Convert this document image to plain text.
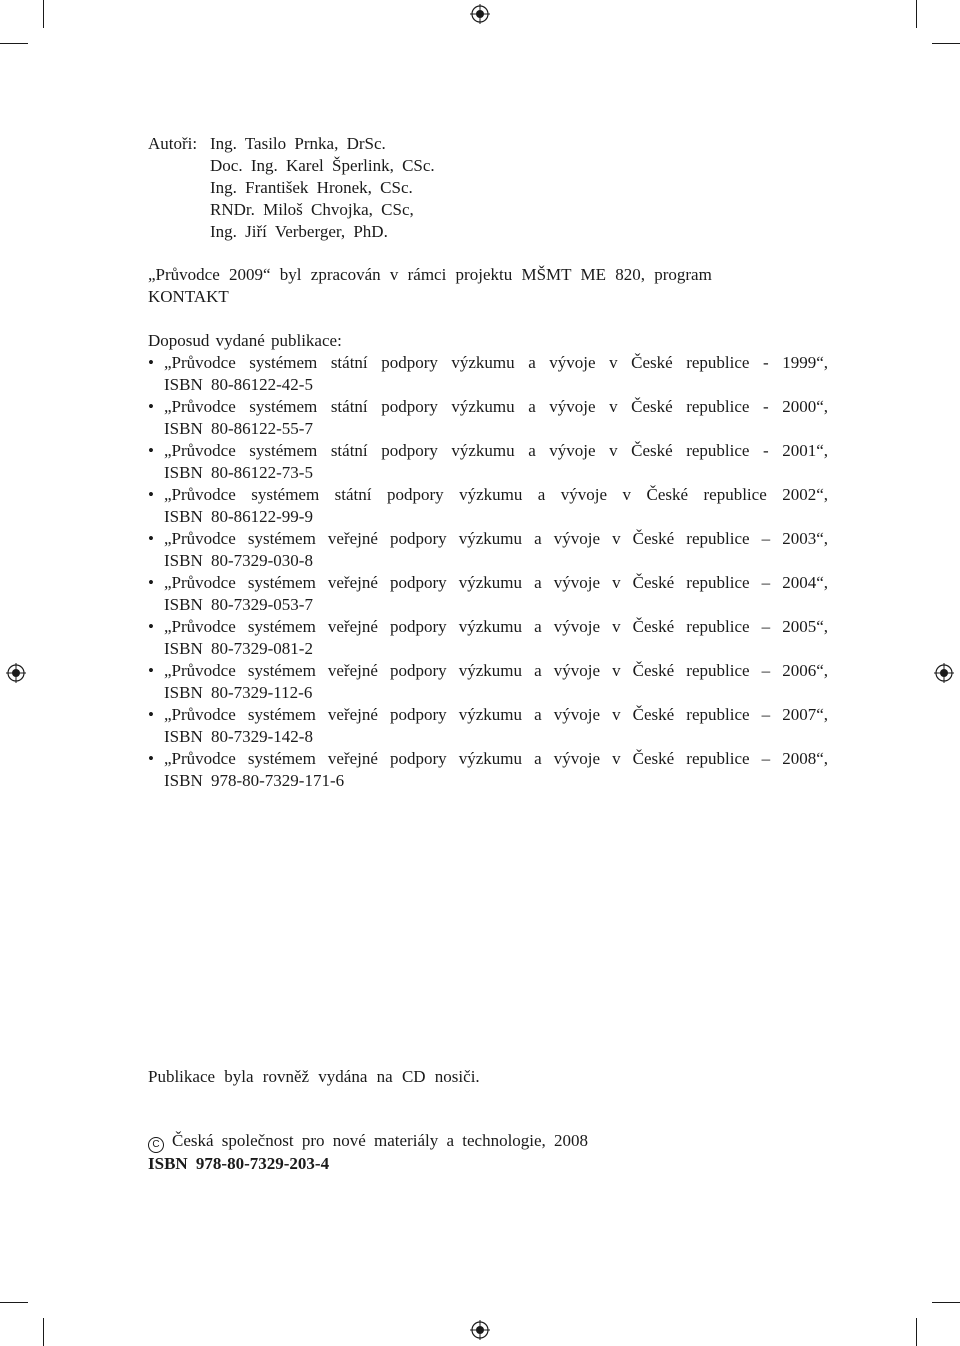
Autoři: Ing. Tasilo Prnka, DrSc.
Doc. Ing. Karel Šperlink, CSc.
Ing. František Hronek, CSc.
RNDr. Miloš Chvojka, CSc,
Ing. Jiří Verberger, PhD.
„Průvodce 2009“ byl zpracován v rámci projektu MŠMT ME 820, program
KONTAKT
Doposud vydané publikace:
• „Průvodce systémem státní podpory výzkumu a vývoje v České republice - 1999“,
ISBN 80-86122-42-5
• „Průvodce systémem státní podpory výzkumu a vývoje v České republice - 2000“,
ISBN 80-86122-55-7
• „Průvodce systémem státní podpory výzkumu a vývoje v České republice - 2001“,
ISBN 80-86122-73-5
• „Průvodce systémem státní podpory výzkumu a vývoje v České republice 2002“,
ISBN 80-86122-99-9
• „Průvodce systémem veřejné podpory výzkumu a vývoje v České republice – 2003“,
ISBN 80-7329-030-8
• „Průvodce systémem veřejné podpory výzkumu a vývoje v České republice – 2004“,
ISBN 80-7329-053-7
• „Průvodce systémem veřejné podpory výzkumu a vývoje v České republice – 2005“,
ISBN 80-7329-081-2
• „Průvodce systémem veřejné podpory výzkumu a vývoje v České republice – 2006“,
ISBN 80-7329-112-6
• „Průvodce systémem veřejné podpory výzkumu a vývoje v České republice – 2007“,
ISBN 80-7329-142-8
• „Průvodce systémem veřejné podpory výzkumu a vývoje v České republice – 2008“,
ISBN 978-80-7329-171-6
Publikace byla rovněž vydána na CD nosiči.
C Česká společnost pro nové materiály a technologie, 2008
ISBN 978-80-7329-203-4
